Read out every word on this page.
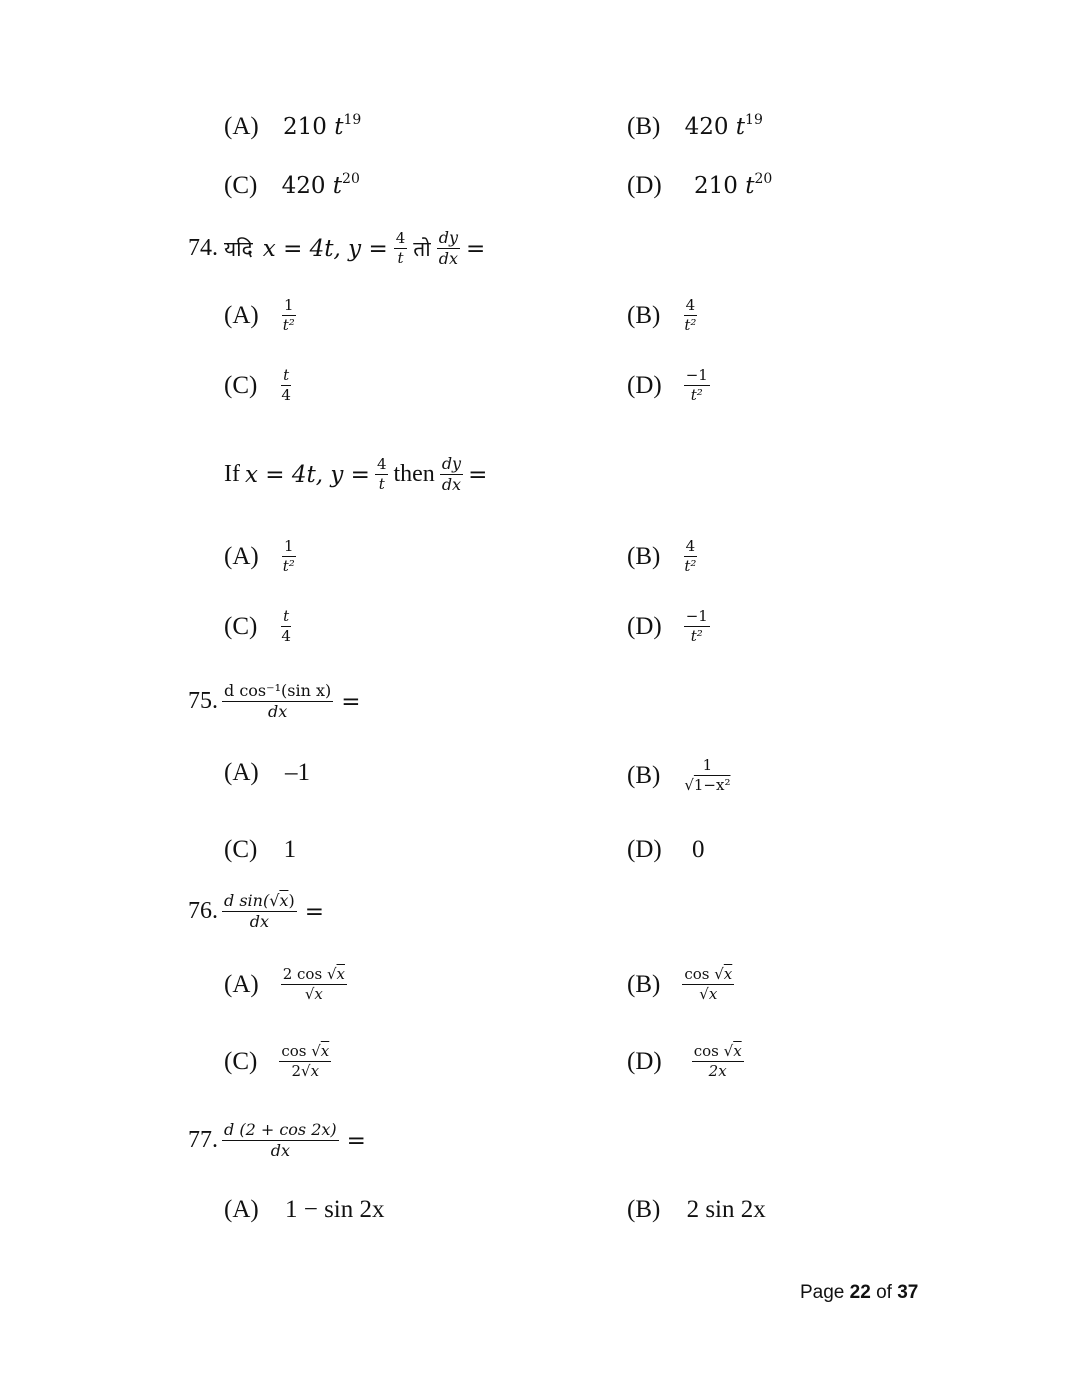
(A) 210 $t^{19}$	(B) 420 $t^{19}$
(C) 420 $t^{20}$	(D) 210 $t^{20}$
74. यदि x = 4t, $y = \frac{4}{t}$ तो $\frac{dy}{dx}$ =
$(A) \frac{1}{\text{t²}}$	$(B) \frac{4}{\text{t²}}$
$(C) \frac{t}{4}$	$(D) \frac{-1}{\text{t²}}$
If x = 4t, $y = \frac{4}{t}$ then $\frac{dy}{dx}$ =
$(A) \frac{1}{\text{t²}}$	$(B) \frac{4}{\text{t²}}$
$(C) \frac{t}{4}$	$(D) \frac{-1}{\text{t²}}$
75. $\frac{\text{d cos⁻¹(sin x)}}{dx}$ =
(A) –1	$(B) \frac{1}{\text{√1−x²}}$
(C) 1	(D) 0
76. $\frac{\text{d sin(√x)}}{dx}$ =
$(A) \frac{2 \cos √x}{√x}$	$(B) \frac{\cos √x}{√x}$
$(C) \frac{\cos √x}{2√x}$	$(D) \frac{\cos √x}{2x}$
77. $\frac{d (2 + \cos 2x)}{dx}$ =
(A) 1 − sin 2x	(B) 2 sin 2x
Page 22 of 37
